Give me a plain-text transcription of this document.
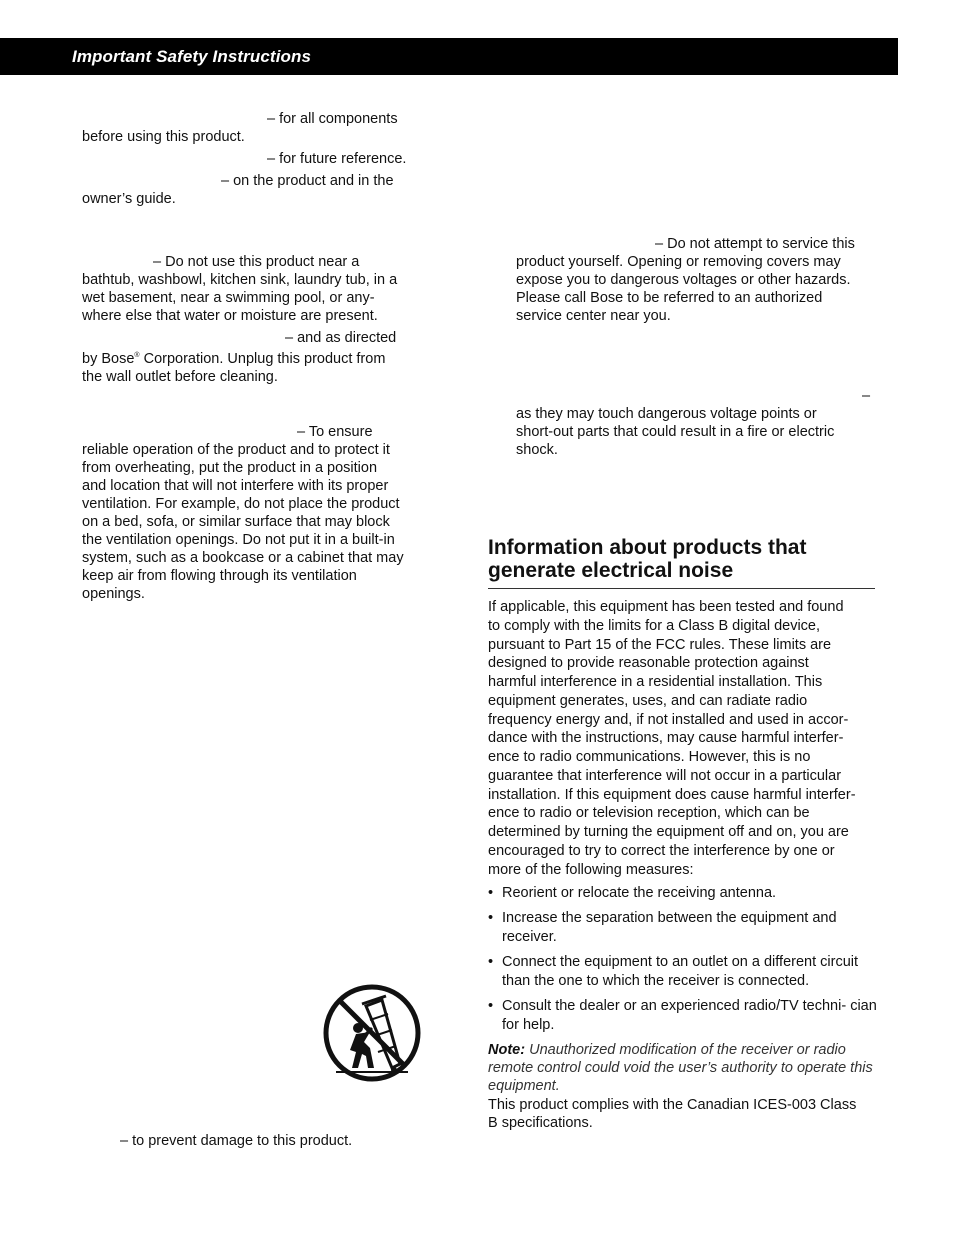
Important Safety Instructions
– for all components
before using this product.
– for future reference.
– on the product and in the
owner’s guide.
– Do not use this product near a
bathtub, washbowl, kitchen sink, laundry tub, in a
wet basement, near a swimming pool, or any-
where else that water or moisture are present.
– and as directed
by Bose® Corporation. Unplug this product from
the wall outlet before cleaning.
– To ensure
reliable operation of the product and to protect it
from overheating, put the product in a position
and location that will not interfere with its proper
ventilation. For example, do not place the product
on a bed, sofa, or similar surface that may block
the ventilation openings. Do not put it in a built-in
system, such as a bookcase or a cabinet that may
keep air from flowing through its ventilation
openings.
– to prevent damage to this product.
– Do not attempt to service this
product yourself. Opening or removing covers may
expose you to dangerous voltages or other hazards.
Please call Bose to be referred to an authorized
service center near you.
–
as they may touch dangerous voltage points or
short-out parts that could result in a fire or electric
shock.
Information about products that generate electrical noise
If applicable, this equipment has been tested and found
to comply with the limits for a Class B digital device,
pursuant to Part 15 of the FCC rules. These limits are
designed to provide reasonable protection against
harmful interference in a residential installation. This
equipment generates, uses, and can radiate radio
frequency energy and, if not installed and used in accor-
dance with the instructions, may cause harmful interfer-
ence to radio communications. However, this is no
guarantee that interference will not occur in a particular
installation. If this equipment does cause harmful interfer-
ence to radio or television reception, which can be
determined by turning the equipment off and on, you are
encouraged to try to correct the interference by one or
more of the following measures:
• Reorient or relocate the receiving antenna.
• Increase the separation between the equipment and receiver.
• Connect the equipment to an outlet on a different circuit than the one to which the receiver is connected.
• Consult the dealer or an experienced radio/TV techni- cian for help.
Note: Unauthorized modification of the receiver or radio remote control could void the user’s authority to operate this equipment.
This product complies with the Canadian ICES-003 Class
B specifications.
